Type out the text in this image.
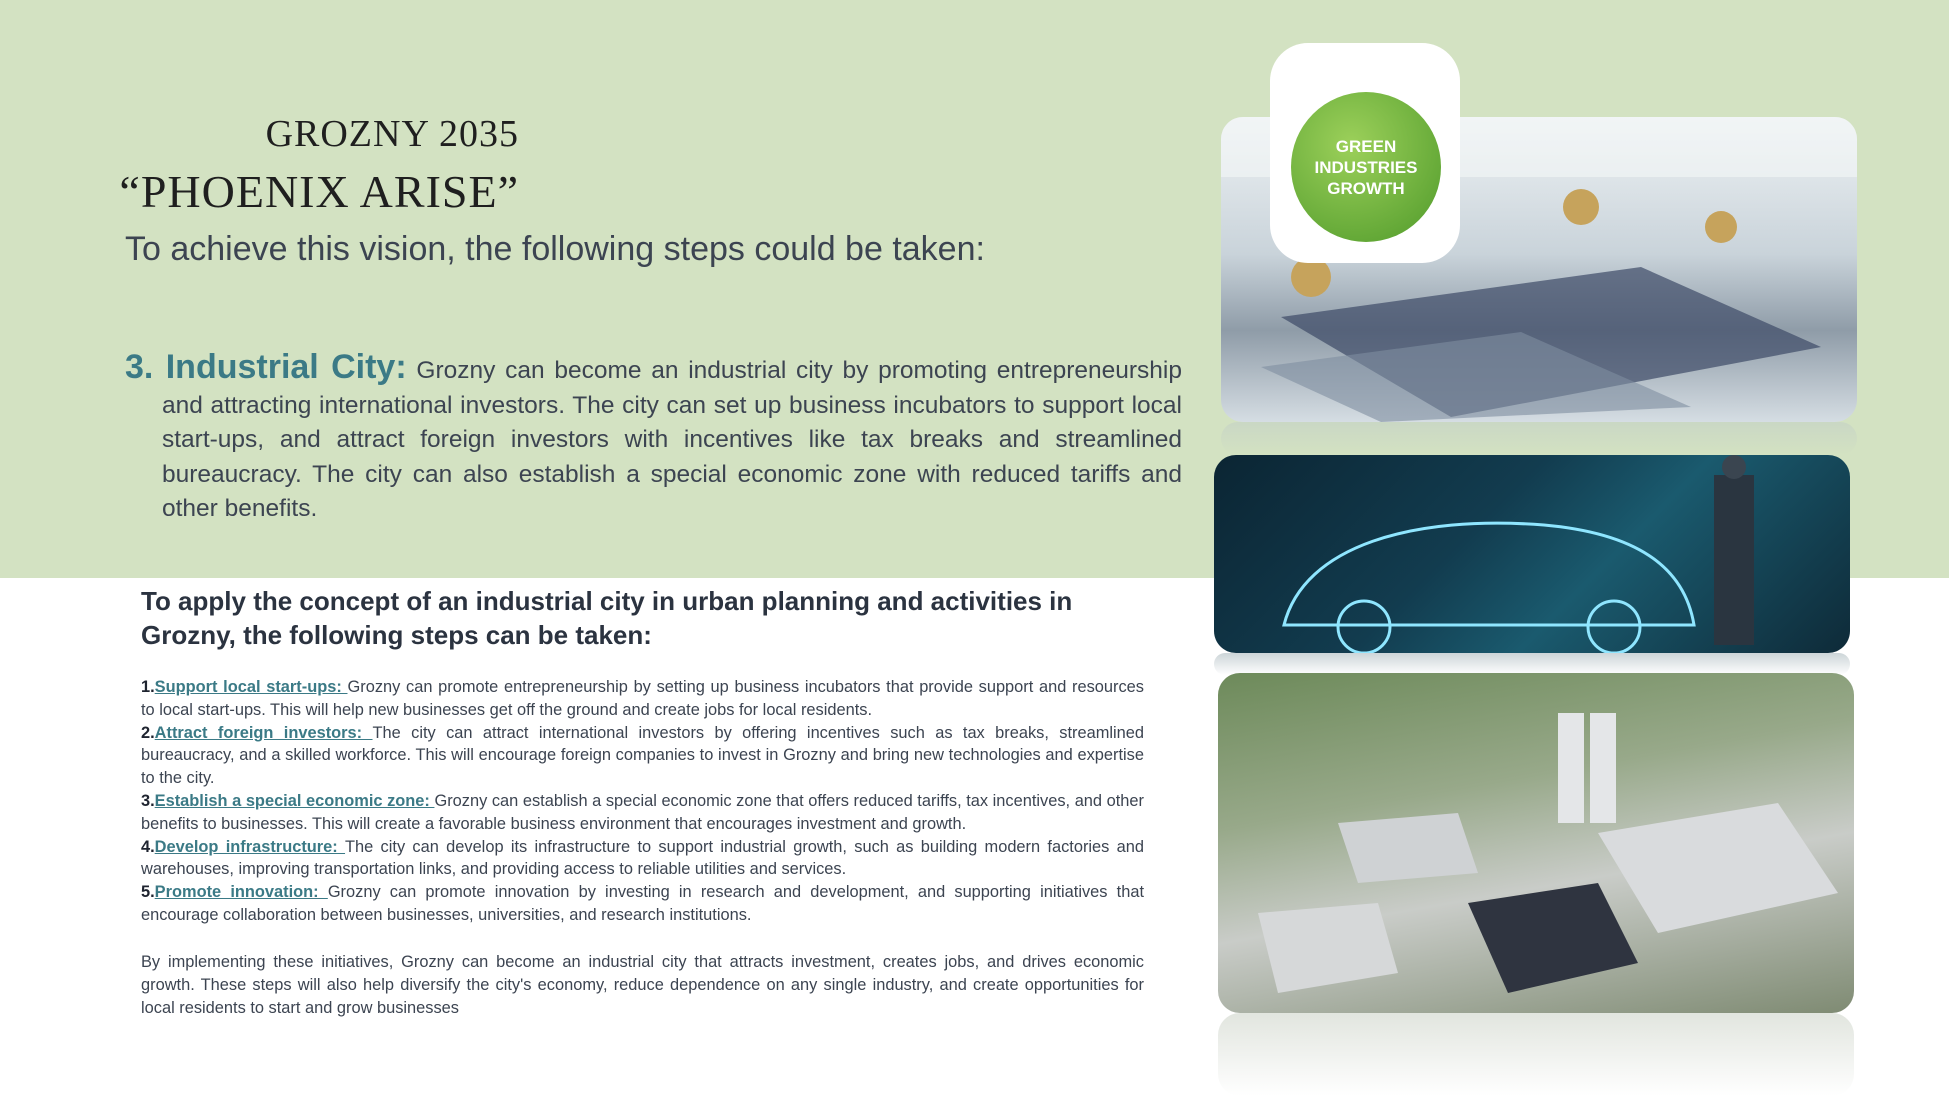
GROZNY 2035
“PHOENIX ARISE”
To achieve this vision, the following steps could be taken:
3. Industrial City: Grozny can become an industrial city by promoting entrepreneurship and attracting international investors. The city can set up business incubators to support local start-ups, and attract foreign investors with incentives like tax breaks and streamlined bureaucracy. The city can also establish a special economic zone with reduced tariffs and other benefits.
To apply the concept of an industrial city in urban planning and activities in Grozny, the following steps can be taken:
1.Support local start-ups: Grozny can promote entrepreneurship by setting up business incubators that provide support and resources to local start-ups. This will help new businesses get off the ground and create jobs for local residents.
2.Attract foreign investors: The city can attract international investors by offering incentives such as tax breaks, streamlined bureaucracy, and a skilled workforce. This will encourage foreign companies to invest in Grozny and bring new technologies and expertise to the city.
3.Establish a special economic zone: Grozny can establish a special economic zone that offers reduced tariffs, tax incentives, and other benefits to businesses. This will create a favorable business environment that encourages investment and growth.
4.Develop infrastructure: The city can develop its infrastructure to support industrial growth, such as building modern factories and warehouses, improving transportation links, and providing access to reliable utilities and services.
5.Promote innovation: Grozny can promote innovation by investing in research and development, and supporting initiatives that encourage collaboration between businesses, universities, and research institutions.
By implementing these initiatives, Grozny can become an industrial city that attracts investment, creates jobs, and drives economic growth. These steps will also help diversify the city's economy, reduce dependence on any single industry, and create opportunities for local residents to start and grow businesses
GREEN
INDUSTRIES
GROWTH
